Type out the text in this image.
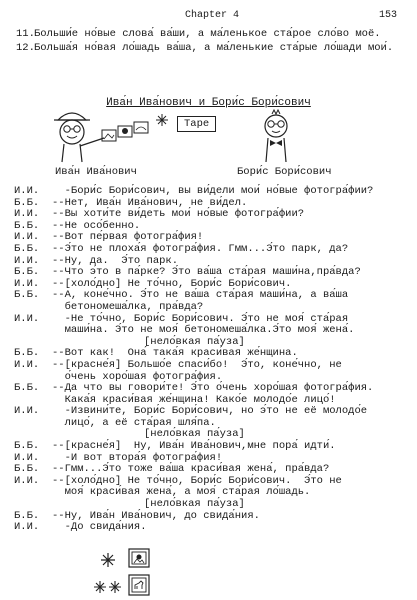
Chapter 4	153
11. Больши́е но́вые слова́ ва́ши, а ма́ленькое ста́рое сло́во моё.
12. Больша́я но́вая ло́шадь ва́ша, а ма́ленькие ста́рые ло́шади мои́.
Ива́н Ива́нович и Бори́с Бори́сович
Tape
Ива́н Ива́нович	Бори́с Бори́сович
И.И.	-Бори́с Бори́сович, вы ви́дели мои́ но́вые фотогра́фии?
Б.Б.	--Нет, Ива́н Ива́нович, не ви́дел.
И.И.	--Вы хоти́те ви́деть мои́ но́вые фотогра́фии?
Б.Б.	--Не осо́бенно.
И.И.	--Вот пе́рвая фотогра́фия!
Б.Б.	--Э́то не плоха́я фотогра́фия. Гмм...Э́то парк, да?
И.И.	--Ну, да.  Э́то парк.
Б.Б.	--Что э́то в па́рке? Э́то ва́ша ста́рая маши́на,пра́вда?
И.И.	--[холо́дно] Не то́чно, Бори́с Бори́сович.
Б.Б.	--А, коне́чно. Э́то не ва́ша ста́рая маши́на, а ва́ша
бетономеша́лка, пра́вда?
И.И.	-Не то́чно, Бори́с Бори́сович. Э́то не моя́ ста́рая
маши́на. Э́то не моя́ бетономеша́лка.Э́то моя́ жена́.
[нело́вкая па́уза]
Б.Б.	--Вот как!  Она́ така́я краси́вая же́нщина.
И.И.	--[красне́я] Большо́е спаси́бо!  Э́то, коне́чно, не
о́чень хоро́шая фотогра́фия.
Б.Б.	--Да что вы говори́те! Э́то о́чень хоро́шая фотогра́фия.
Кака́я краси́вая же́нщина! Како́е молодо́е лицо́!
И.И.	-Извини́те, Бори́с Бори́сович, но э́то не её молодо́е
лицо́, а её ста́рая шля́па.
[нело́вкая па́уза]
Б.Б.	--[красне́я]  Ну, Ива́н Ива́нович,мне пора́ идти́.
И.И.	-И вот втора́я фотогра́фия!
Б.Б.	--Гмм...Э́то тоже ва́ша краси́вая жена́, пра́вда?
И.И.	--[холо́дно] Не то́чно, Бори́с Бори́сович.  Э́то не
моя́ краси́вая жена́, а моя́ ста́рая ло́шадь.
[нело́вкая па́уза]
Б.Б.	--Ну, Ива́н Ива́нович, до свида́ния.
И.И.	-До свида́ния.
